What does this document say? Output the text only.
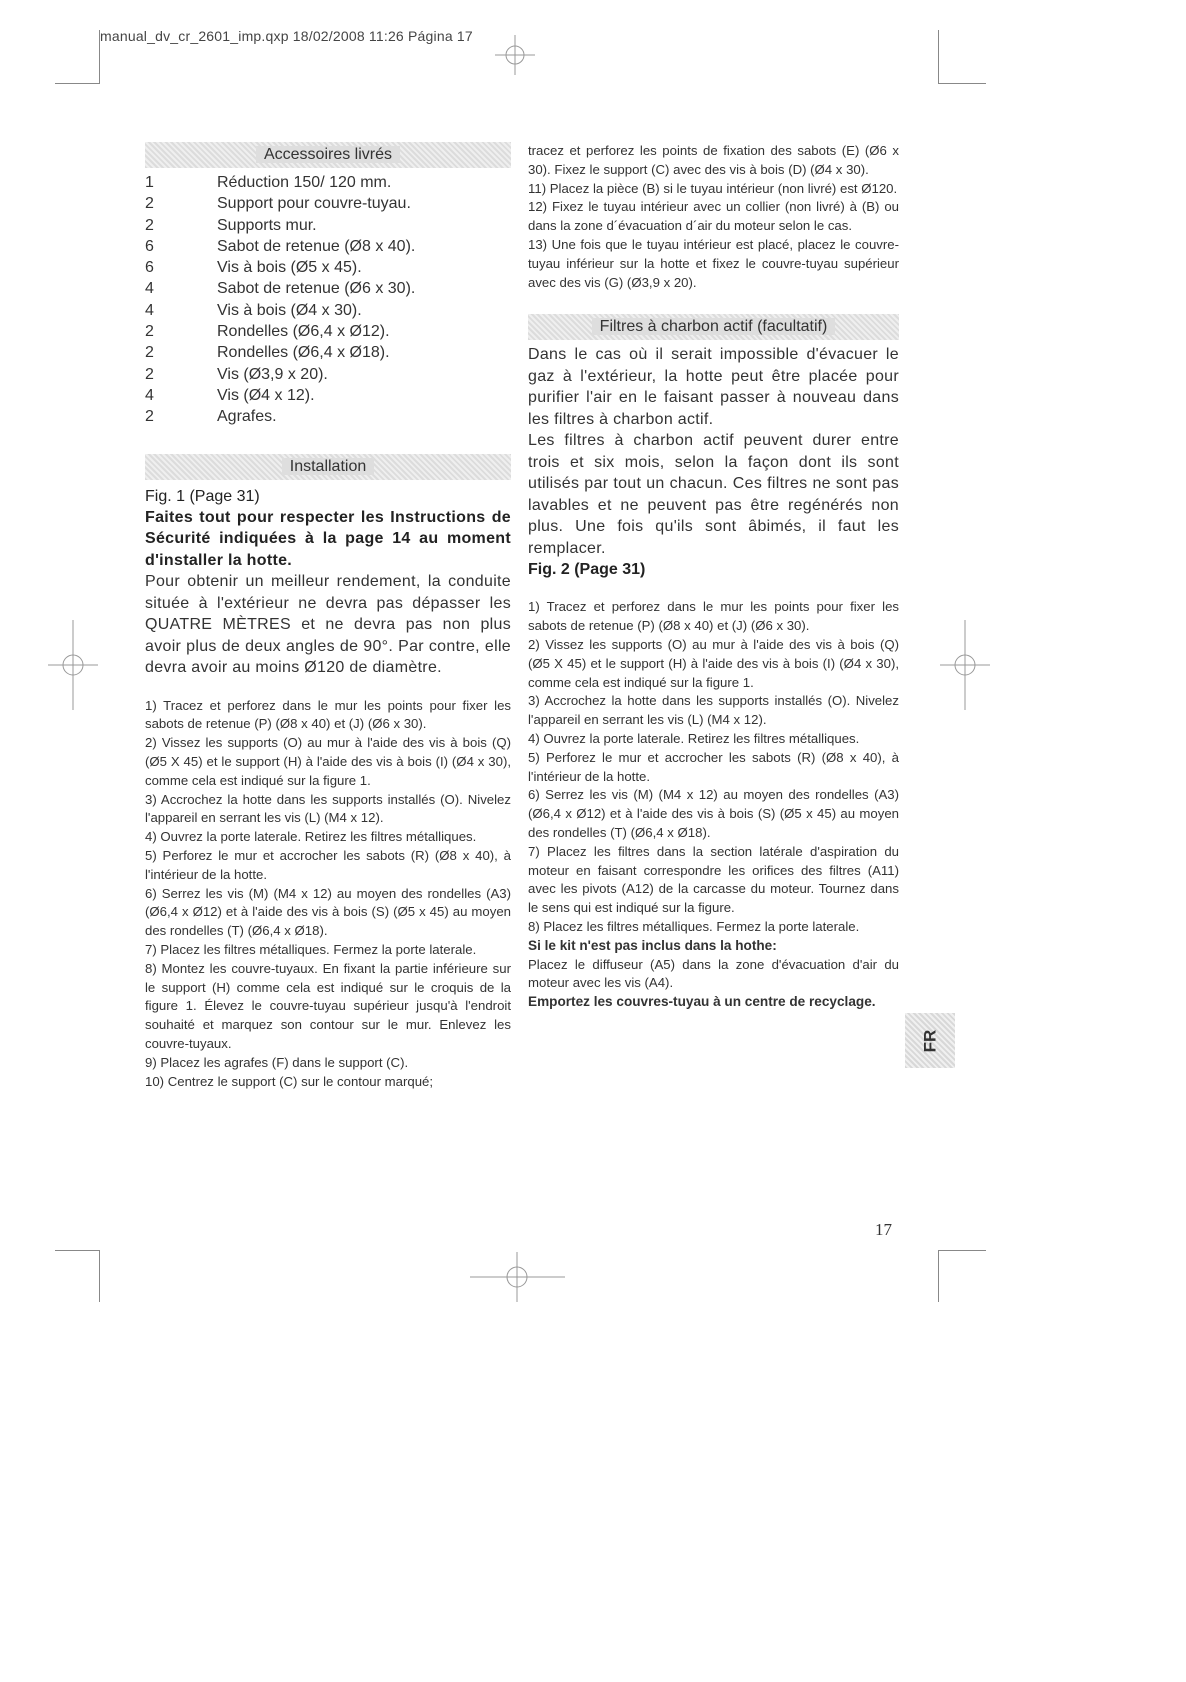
manual_dv_cr_2601_imp.qxp 18/02/2008 11:26 Página 17
Accessoires livrés
1	Réduction 150/ 120 mm.
2	Support pour couvre-tuyau.
2	Supports mur.
6	Sabot de retenue (Ø8 x 40).
6	Vis à bois (Ø5 x 45).
4	Sabot de retenue (Ø6 x 30).
4	Vis à bois (Ø4 x 30).
2	Rondelles (Ø6,4 x Ø12).
2	Rondelles (Ø6,4 x Ø18).
2	Vis (Ø3,9 x 20).
4	Vis (Ø4 x 12).
2	Agrafes.
Installation
Fig. 1 (Page 31)
Faites tout pour respecter les Instructions de Sécurité indiquées à la page 14 au moment d'installer la hotte.
Pour obtenir un meilleur rendement, la conduite située à l'extérieur ne devra pas dépasser les QUATRE MÈTRES et ne devra pas non plus avoir plus de deux angles de 90°. Par contre, elle devra avoir au moins Ø120 de diamètre.
1) Tracez et perforez dans le mur les points pour fixer les sabots de retenue (P) (Ø8 x 40) et (J) (Ø6 x 30).
2) Vissez les supports (O) au mur à l'aide des vis à bois (Q) (Ø5 X 45) et le support (H) à l'aide des vis à bois (I) (Ø4 x 30), comme cela est indiqué sur la figure 1.
3) Accrochez la hotte dans les supports installés (O). Nivelez l'appareil en serrant les vis (L) (M4 x 12).
4) Ouvrez la porte laterale. Retirez les filtres métalliques.
5) Perforez le mur et accrocher les sabots (R) (Ø8 x 40), à l'intérieur de la hotte.
6) Serrez les vis (M) (M4 x 12) au moyen des rondelles (A3) (Ø6,4 x Ø12) et à l'aide des vis à bois (S) (Ø5 x 45) au moyen des rondelles (T) (Ø6,4 x Ø18).
7) Placez les filtres métalliques. Fermez la porte laterale.
8) Montez les couvre-tuyaux. En fixant la partie inférieure sur le support (H) comme cela est indiqué sur le croquis de la figure 1. Élevez le couvre-tuyau supérieur jusqu'à l'endroit souhaité et marquez son contour sur le mur. Enlevez les couvre-tuyaux.
9) Placez les agrafes (F) dans le support (C).
10) Centrez le support (C) sur le contour marqué;
tracez et perforez les points de fixation des sabots (E) (Ø6 x 30). Fixez le support (C) avec des vis à bois (D) (Ø4 x 30).
11) Placez la pièce (B) si le tuyau intérieur (non livré) est Ø120.
12) Fixez le tuyau intérieur avec un collier (non livré) à (B) ou dans la zone d´évacuation d´air du moteur selon le cas.
13) Une fois que le tuyau intérieur est placé, placez le couvre-tuyau inférieur sur la hotte et fixez le couvre-tuyau supérieur avec des vis (G) (Ø3,9 x 20).
Filtres à charbon actif (facultatif)
Dans le cas où il serait impossible d'évacuer le gaz à l'extérieur, la hotte peut être placée pour purifier l'air en le faisant passer à nouveau dans les filtres à charbon actif.
Les filtres à charbon actif peuvent durer entre trois et six mois, selon la façon dont ils sont utilisés par tout un chacun. Ces filtres ne sont pas lavables et ne peuvent pas être regénérés non plus. Une fois qu'ils sont âbimés, il faut les remplacer.
Fig. 2 (Page 31)
1) Tracez et perforez dans le mur les points pour fixer les sabots de retenue (P) (Ø8 x 40) et (J) (Ø6 x 30).
2) Vissez les supports (O) au mur à l'aide des vis à bois (Q) (Ø5 X 45) et le support (H) à l'aide des vis à bois (I) (Ø4 x 30), comme cela est indiqué sur la figure 1.
3) Accrochez la hotte dans les supports installés (O). Nivelez l'appareil en serrant les vis (L) (M4 x 12).
4) Ouvrez la porte laterale. Retirez les filtres métalliques.
5) Perforez le mur et accrocher les sabots (R) (Ø8 x 40), à l'intérieur de la hotte.
6) Serrez les vis (M) (M4 x 12) au moyen des rondelles (A3) (Ø6,4 x Ø12) et à l'aide des vis à bois (S) (Ø5 x 45) au moyen des rondelles (T) (Ø6,4 x Ø18).
7) Placez les filtres dans la section latérale d'aspiration du moteur en faisant correspondre les orifices des filtres (A11) avec les pivots (A12) de la carcasse du moteur. Tournez dans le sens qui est indiqué sur la figure.
8) Placez les filtres métalliques. Fermez la porte laterale.
Si le kit n'est pas inclus dans la hothe:
Placez le diffuseur (A5) dans la zone d'évacuation d'air du moteur avec les vis (A4).
Emportez les couvres-tuyau à un centre de recyclage.
FR
17
